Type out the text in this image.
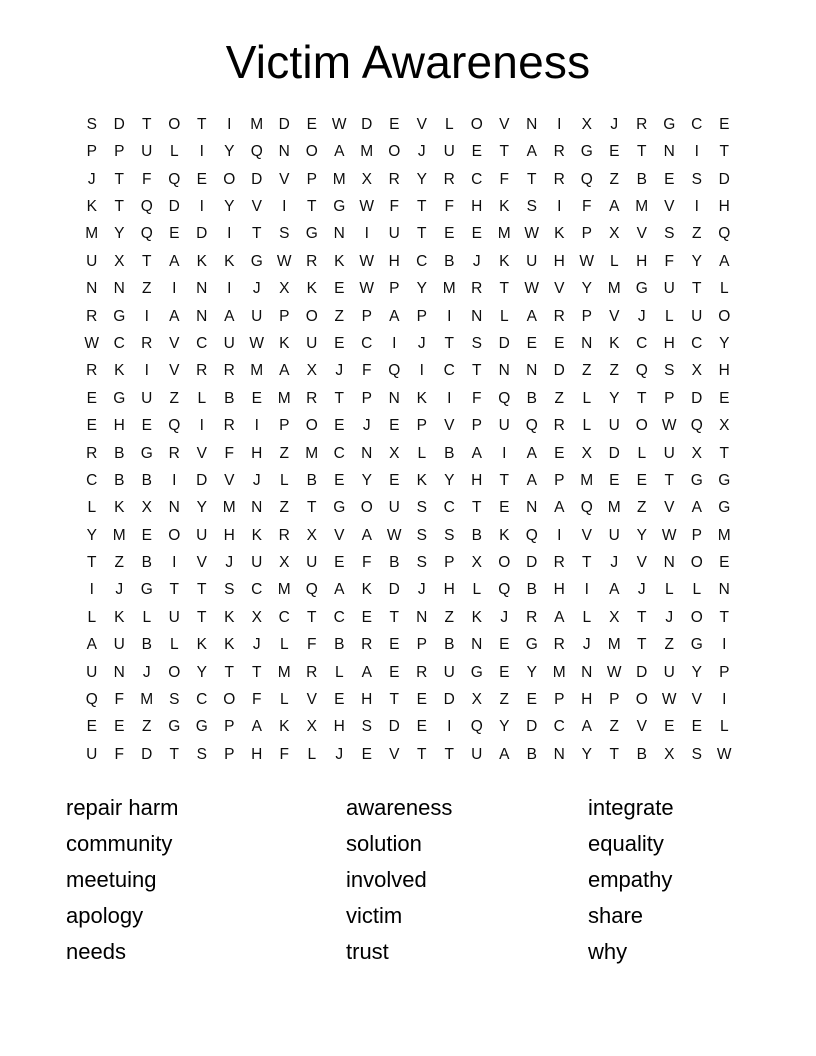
Victim Awareness
S	D	T	O	T	I	M D	E W D	E	V	L	O	V	N	I	X	J	R	G	C	E
P	P	U	L	I	Y	Q	N	O	A	M O	J	U	E	T	A	R	G	E	T	N	I	T
J	T	F	Q	E	O	D	V	P	M	X	R	Y	R	C	F	T	R	Q	Z	B	E	S	D
K	T	Q	D	I	Y	V	I	T	G W F	T	F	H	K	S	I	F	A	M	V	I	H
M	Y	Q	E	D	I	T	S	G	N	I	U	T	E	E	M W K	P	X	V	S	Z	Q
U	X	T	A	K	K	G W R	K W H	C	B	J	K	U	H W	L	H	F	Y	A
N	N	Z	I	N	I	J	X	K	E W P	Y	M R	T W V	Y	M G	U	T	L
R	G	I	A	N	A	U	P	O	Z	P	A	P	I	N	L	A	R	P	V	J	L	U	O
W C	R	V	C	U W K	U	E	C	I	J	T	S	D	E	E	N	K	C	H	C	Y
R	K	I	V	R	R M	A	X	J	F	Q	I	C	T	N	N	D	Z	Z	Q	S	X	H
E	G	U	Z	L	B	E	M R	T	P	N	K	I	F	Q	B	Z	L	Y	T	P	D	E
E	H	E	Q	I	R	I	P	O	E	J	E	P	V	P	U	Q	R	L	U	O W Q	X
R	B	G	R	V	F	H	Z	M C	N	X	L	B	A	I	A	E	X	D	L	U	X	T
C	B	B	I	D	V	J	L	B	E	Y	E	K	Y	H	T	A	P	M	E	E	T	G G
L	K	X	N	Y	M N	Z	T	G O	U	S	C	T	E	N	A	Q M	Z	V	A	G
Y	M	E	O	U	H	K	R	X	V	A W S	S	B	K	Q	I	V	U	Y W P	M
T	Z	B	I	V	J	U	X	U	E	F	B	S	P	X	O	D	R	T	J	V	N	O	E
I	J	G	T	T	S	C M Q	A	K	D	J	H	L	Q	B	H	I	A	J	L	L	N
L	K	L	U	T	K	X	C	T	C	E	T	N	Z	K	J	R	A	L	X	T	J	O	T
A	U	B	L	K	K	J	L	F	B	R	E	P	B	N	E	G	R	J	M	T	Z	G	I
U	N	J	O	Y	T	T	M R	L	A	E	R	U	G	E	Y	M N W D	U	Y	P
Q	F	M	S	C	O	F	L	V	E	H	T	E	D	X	Z	E	P	H	P	O W V	I
E	E	Z	G G	P	A	K	X	H	S	D	E	I	Q	Y	D	C	A	Z	V	E	E	L
U	F	D	T	S	P	H	F	L	J	E	V	T	T	U	A	B	N	Y	T	B	X	S W
repair harm
community
meetuing
apology
needs
awareness
solution
involved
victim
trust
integrate
equality
empathy
share
why
